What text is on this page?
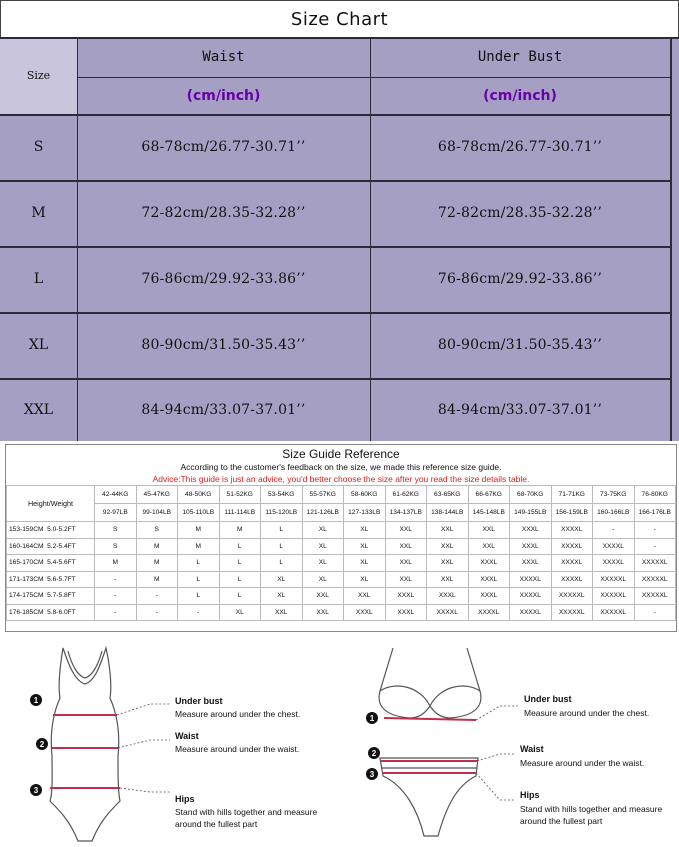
Size Chart
Size
Waist	Under Bust
(cm/inch)	(cm/inch)
S	68-78cm/26.77-30.71’’	68-78cm/26.77-30.71’’
M	72-82cm/28.35-32.28’’	72-82cm/28.35-32.28’’
L	76-86cm/29.92-33.86’’	76-86cm/29.92-33.86’’
XL	80-90cm/31.50-35.43’’	80-90cm/31.50-35.43’’
XXL	84-94cm/33.07-37.01’’	84-94cm/33.07-37.01’’
Size Guide Reference
According to the customer's feedback on the size, we made this reference size guide.
Advice:This guide is just an advice, you'd better choose the size after you read the size details table.
Height/Weight	42-44KG	45-47KG	48-50KG	51-52KG	53-54KG	55-57KG	58-60KG	61-62KG	63-65KG	66-67KG	68-70KG	71-71KG	73-75KG	76-80KG
	92-97LB	99-104LB	105-110LB	111-114LB	115-120LB	121-126LB	127-133LB	134-137LB	138-144LB	145-148LB	149-155LB	156-159LB	160-166LB	166-176LB
153-159CM 5.0-5.2FT	S	S	M	M	L	XL	XL	XXL	XXL	XXL	XXXL	XXXXL	-	-
160-164CM 5.2-5.4FT	S	M	M	L	L	XL	XL	XXL	XXL	XXL	XXXL	XXXXL	XXXXL	-
165-170CM 5.4-5.6FT	M	M	L	L	L	XL	XL	XXL	XXL	XXXL	XXXL	XXXXL	XXXXL	XXXXXL
171-173CM 5.6-5.7FT	-	M	L	L	XL	XL	XL	XXL	XXL	XXXL	XXXXL	XXXXL	XXXXXL	XXXXXL
174-175CM 5.7-5.8FT	-	-	L	L	XL	XXL	XXL	XXXL	XXXL	XXXL	XXXXL	XXXXXL	XXXXXL	XXXXXL
176-185CM 5.8-6.0FT	-	-	-	XL	XXL	XXL	XXXL	XXXL	XXXXL	XXXXL	XXXXL	XXXXXL	XXXXXL	-
1
2
3
Under bust
Measure around under the chest.
Waist
Measure around under the waist.
Hips
Stand with hills together and measure around the fullest part
1
2
3
Under bust
Measure around under the chest.
Waist
Measure around under the waist.
Hips
Stand with hills together and measure around the fullest part
